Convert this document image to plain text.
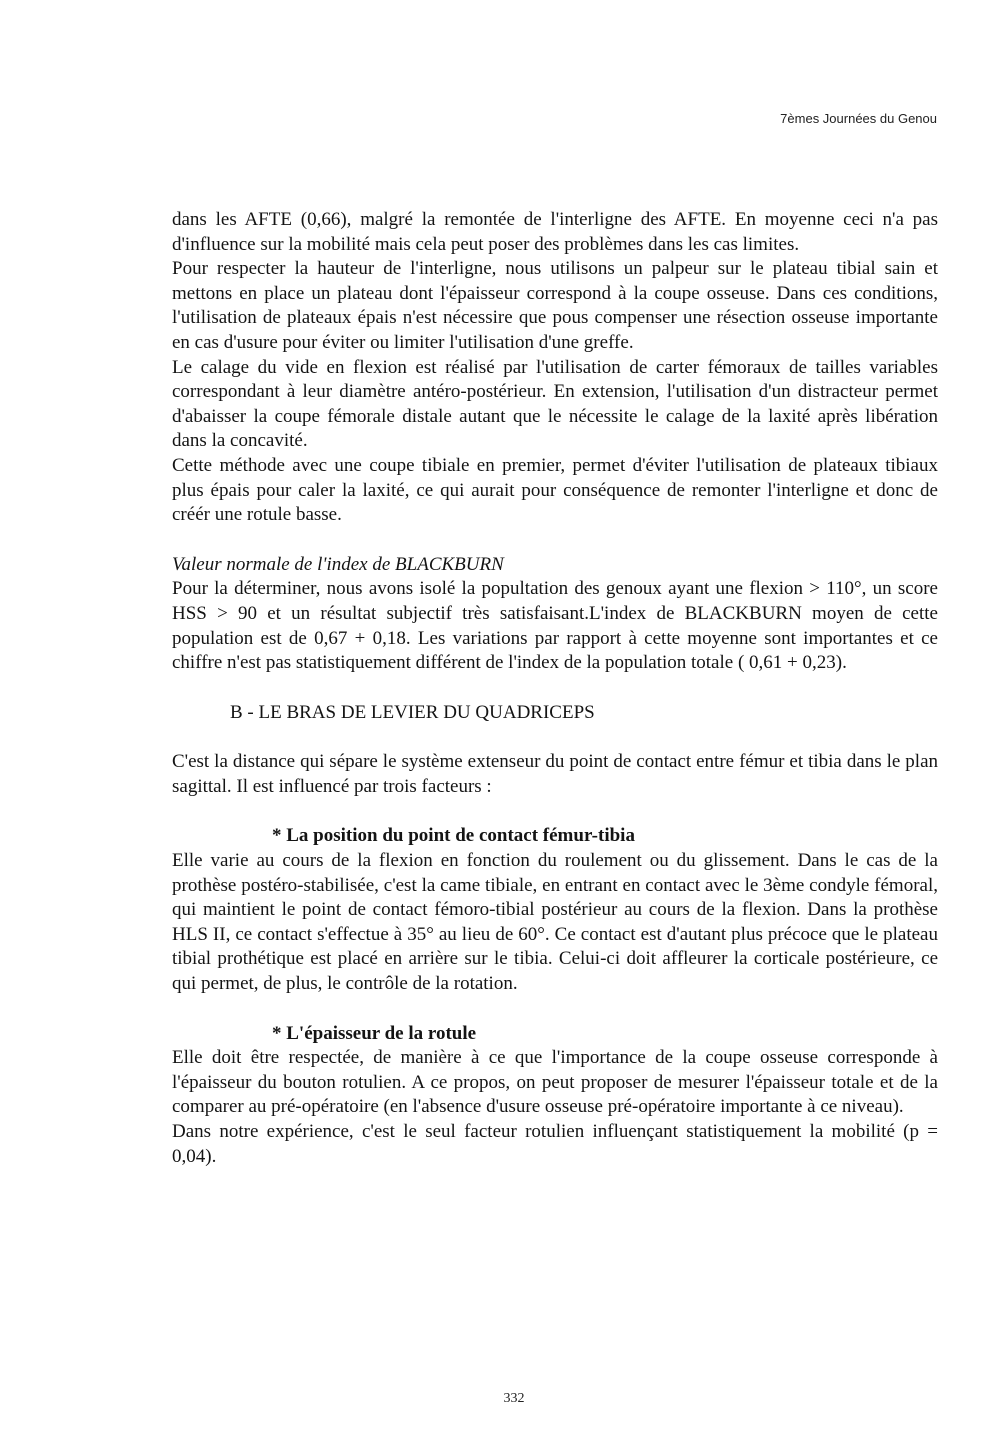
7èmes Journées du Genou

dans les AFTE (0,66), malgré la remontée de l'interligne des AFTE. En moyenne ceci n'a pas d'influence sur la mobilité mais cela peut poser des problèmes dans les cas limites.

Pour respecter la hauteur de l'interligne, nous utilisons un palpeur sur le plateau tibial sain et mettons en place un plateau dont l'épaisseur correspond à la coupe osseuse. Dans ces conditions, l'utilisation de plateaux épais n'est nécessire que pous compenser une résection osseuse importante en cas d'usure pour éviter ou limiter l'utilisation d'une greffe.

Le calage du vide en flexion est réalisé par l'utilisation de carter fémoraux de tailles variables correspondant à leur diamètre antéro-postérieur. En extension, l'utilisation d'un distracteur permet d'abaisser la coupe fémorale distale autant que le nécessite le calage de la laxité après libération dans la concavité.

Cette méthode avec une coupe tibiale en premier, permet d'éviter l'utilisation de plateaux tibiaux plus épais pour caler la laxité, ce qui aurait pour conséquence de remonter l'interligne et donc de créér une rotule basse.

Valeur normale de l'index de BLACKBURN

Pour la déterminer, nous avons isolé la popultation des genoux ayant une flexion > 110°, un score HSS > 90 et un résultat subjectif très satisfaisant.L'index de BLACKBURN moyen de cette population est de 0,67 + 0,18. Les variations par rapport à cette moyenne sont importantes et ce chiffre n'est pas statistiquement différent de l'index de la population totale ( 0,61 + 0,23).

B - LE BRAS DE LEVIER DU QUADRICEPS

C'est la distance qui sépare le système extenseur du point de contact entre fémur et tibia dans le plan sagittal. Il est influencé par trois facteurs :

* La position du point de contact fémur-tibia

Elle varie au cours de la flexion en fonction du roulement ou du glissement. Dans le cas de la prothèse postéro-stabilisée, c'est la came tibiale, en entrant en contact avec le 3ème condyle fémoral, qui maintient le point de contact fémoro-tibial postérieur au cours de la flexion. Dans la prothèse HLS II, ce contact s'effectue à 35° au lieu de 60°. Ce contact est d'autant plus précoce que le plateau tibial prothétique est placé en arrière sur le tibia. Celui-ci doit affleurer la corticale postérieure, ce qui permet, de plus, le contrôle de la rotation.

* L'épaisseur de la rotule

Elle doit être respectée, de manière à ce que l'importance de la coupe osseuse corresponde à l'épaisseur du bouton rotulien. A ce propos, on peut proposer de mesurer l'épaisseur totale et de la comparer au pré-opératoire (en l'absence d'usure osseuse pré-opératoire importante à ce niveau).

Dans notre expérience, c'est le seul facteur rotulien influençant statistiquement la mobilité (p = 0,04).

332
